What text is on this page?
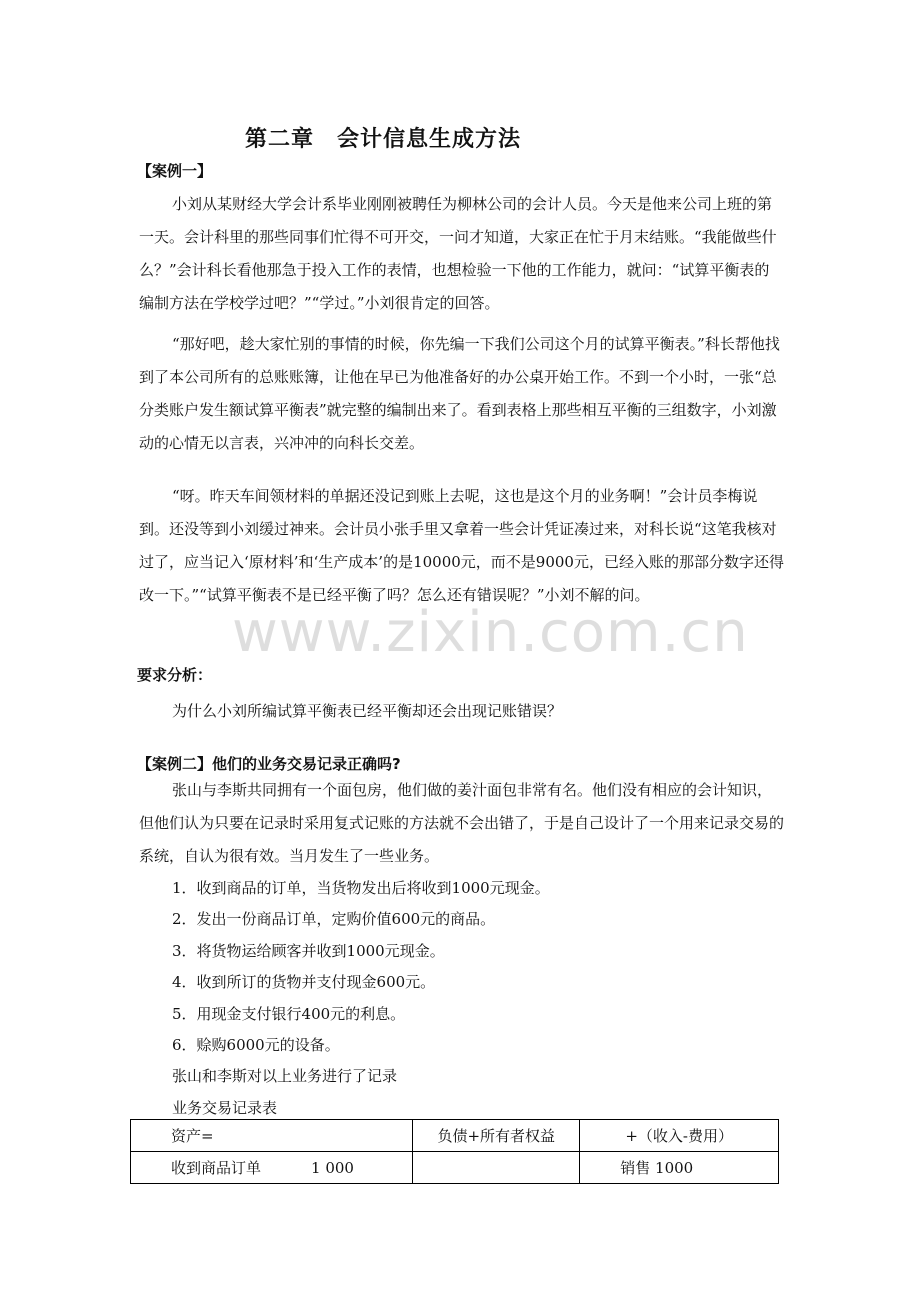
第二章　会计信息生成方法
【案例一】
小刘从某财经大学会计系毕业刚刚被聘任为柳林公司的会计人员。今天是他来公司上班的第一天。会计科里的那些同事们忙得不可开交，一问才知道，大家正在忙于月末结账。“我能做些什么？”会计科长看他那急于投入工作的表情，也想检验一下他的工作能力，就问：“试算平衡表的编制方法在学校学过吧？”“学过。”小刘很肯定的回答。
“那好吧，趁大家忙别的事情的时候，你先编一下我们公司这个月的试算平衡表。”科长帮他找到了本公司所有的总账账簿，让他在早已为他准备好的办公桌开始工作。不到一个小时，一张“总分类账户发生额试算平衡表”就完整的编制出来了。看到表格上那些相互平衡的三组数字，小刘激动的心情无以言表，兴冲冲的向科长交差。
“呀。昨天车间领材料的单据还没记到账上去呢，这也是这个月的业务啊！”会计员李梅说到。还没等到小刘缓过神来。会计员小张手里又拿着一些会计凭证凑过来，对科长说“这笔我核对过了，应当记入‘原材料’和‘生产成本’的是10000元，而不是9000元，已经入账的那部分数字还得改一下。”“试算平衡表不是已经平衡了吗？怎么还有错误呢？”小刘不解的问。
要求分析：
为什么小刘所编试算平衡表已经平衡却还会出现记账错误？
【案例二】他们的业务交易记录正确吗?
张山与李斯共同拥有一个面包房，他们做的姜汁面包非常有名。他们没有相应的会计知识，但他们认为只要在记录时采用复式记账的方法就不会出错了，于是自己设计了一个用来记录交易的系统，自认为很有效。当月发生了一些业务。
1．收到商品的订单，当货物发出后将收到1000元现金。
2．发出一份商品订单，定购价值600元的商品。
3．将货物运给顾客并收到1000元现金。
4．收到所订的货物并支付现金600元。
5．用现金支付银行400元的利息。
6．赊购6000元的设备。
张山和李斯对以上业务进行了记录
业务交易记录表
资产=	负债+所有者权益	+（收入-费用）
收到商品订单 1 000		销售 1000
www.zixin.com.cn
